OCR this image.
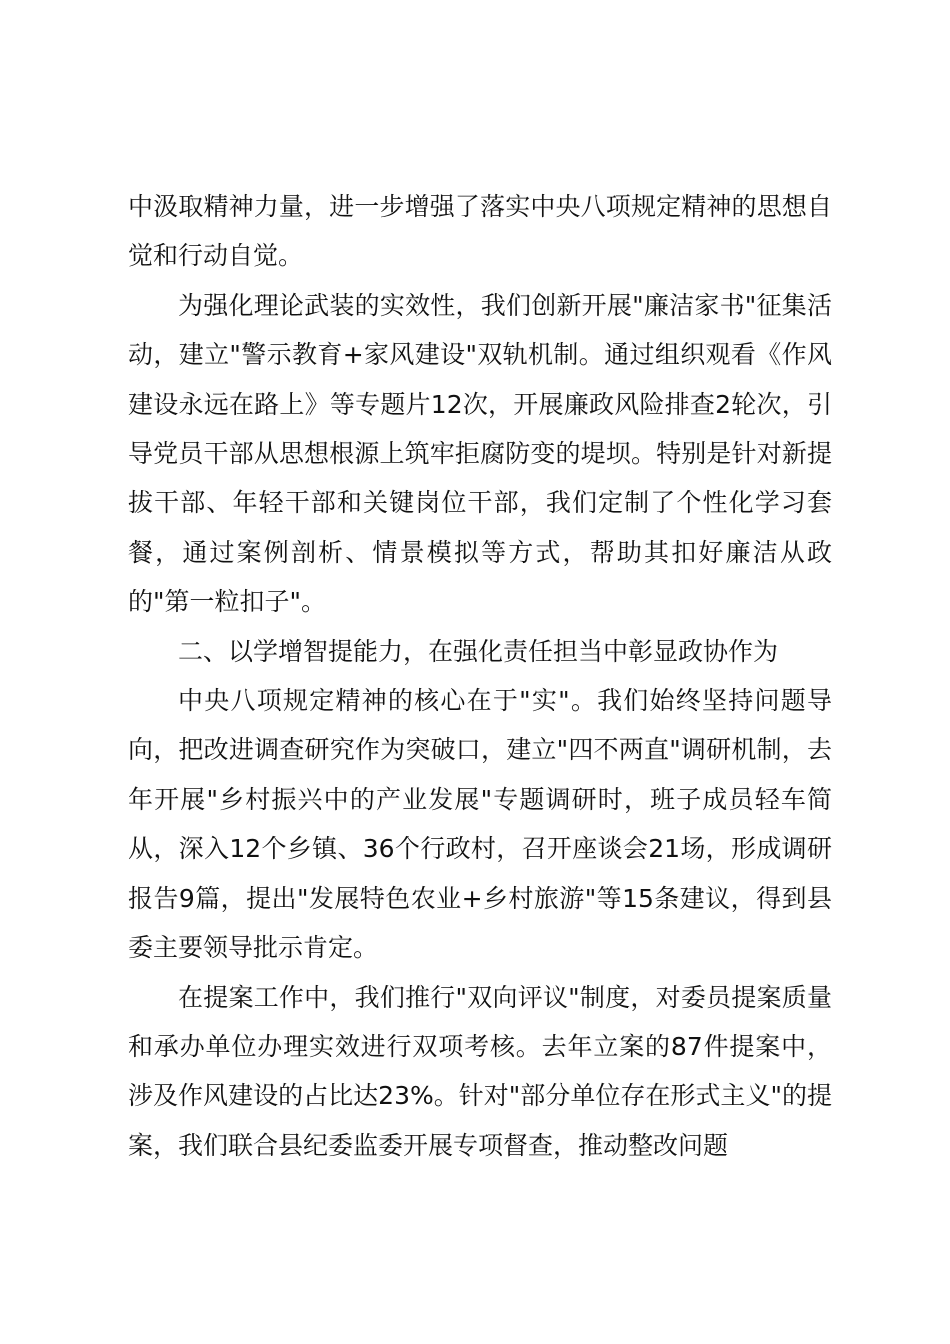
中汲取精神力量，进一步增强了落实中央八项规定精神的思想自觉和行动自觉。

为强化理论武装的实效性，我们创新开展"廉洁家书"征集活动，建立"警示教育+家风建设"双轨机制。通过组织观看《作风建设永远在路上》等专题片12次，开展廉政风险排查2轮次，引导党员干部从思想根源上筑牢拒腐防变的堤坝。特别是针对新提拔干部、年轻干部和关键岗位干部，我们定制了个性化学习套餐，通过案例剖析、情景模拟等方式，帮助其扣好廉洁从政的"第一粒扣子"。

二、以学增智提能力，在强化责任担当中彰显政协作为

中央八项规定精神的核心在于"实"。我们始终坚持问题导向，把改进调查研究作为突破口，建立"四不两直"调研机制，去年开展"乡村振兴中的产业发展"专题调研时，班子成员轻车简从，深入12个乡镇、36个行政村，召开座谈会21场，形成调研报告9篇，提出"发展特色农业+乡村旅游"等15条建议，得到县委主要领导批示肯定。

在提案工作中，我们推行"双向评议"制度，对委员提案质量和承办单位办理实效进行双项考核。去年立案的87件提案中，涉及作风建设的占比达23%。针对"部分单位存在形式主义"的提案，我们联合县纪委监委开展专项督查，推动整改问题
